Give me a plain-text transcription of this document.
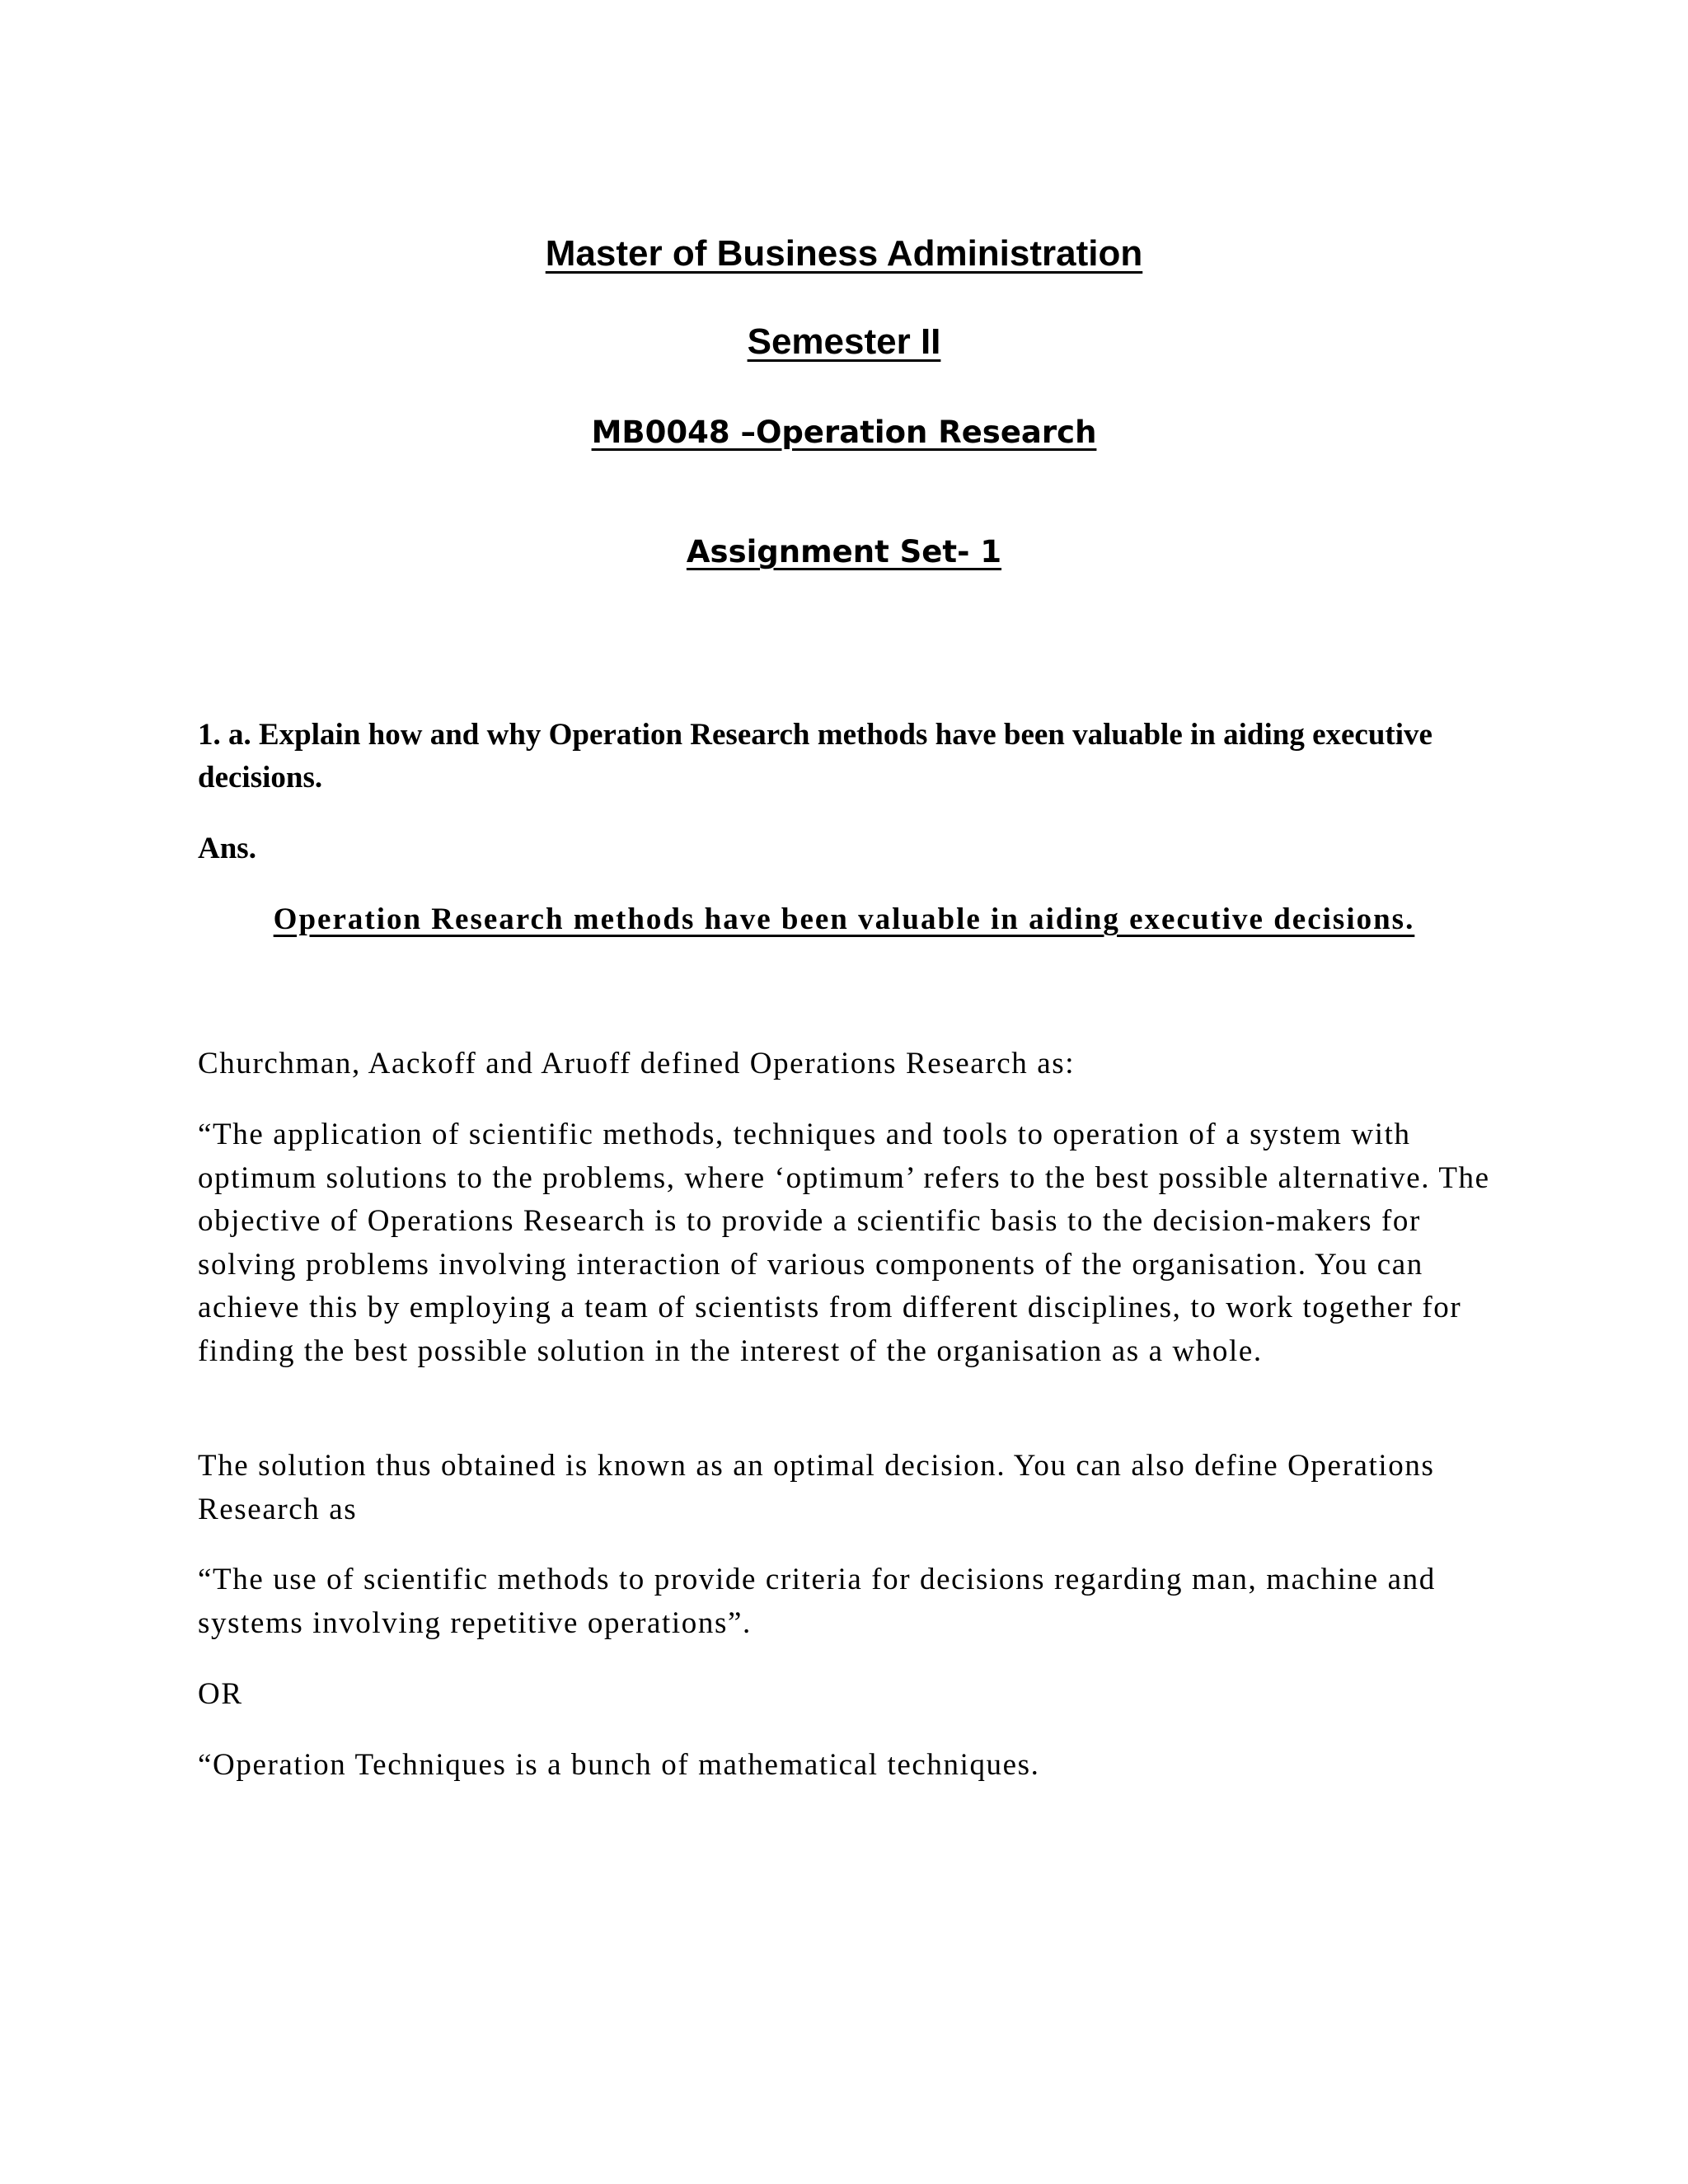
Master of Business Administration
Semester II
MB0048 –Operation Research
Assignment Set- 1
1. a. Explain how and why Operation Research methods have been valuable in aiding executive decisions.
Ans.
Operation Research methods have been valuable in aiding executive decisions.

Churchman, Aackoff and Aruoff defined Operations Research as:

“The application of scientific methods, techniques and tools to operation of a system with optimum solutions to the problems, where ‘optimum’ refers to the best possible alternative. The objective of Operations Research is to provide a scientific basis to the decision-makers for solving problems involving interaction of various components of the organisation. You can achieve this by employing a team of scientists from different disciplines, to work together for finding the best possible solution in the interest of the organisation as a whole.

The solution thus obtained is known as an optimal decision. You can also define Operations Research as

“The use of scientific methods to provide criteria for decisions regarding man, machine and systems involving repetitive operations”.

OR

“Operation Techniques is a bunch of mathematical techniques.
